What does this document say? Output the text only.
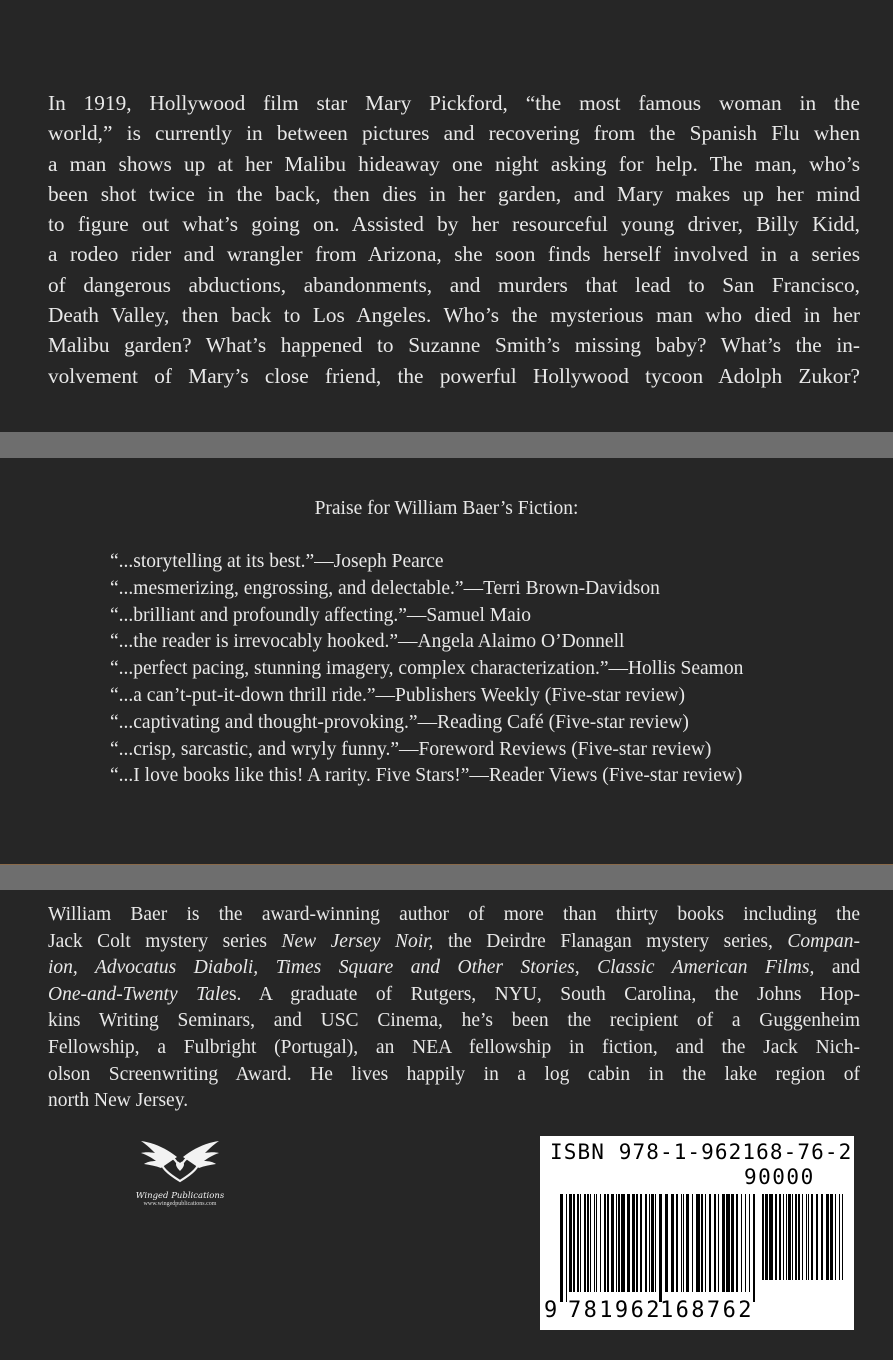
In 1919, Hollywood film star Mary Pickford, “the most famous woman in the
world,” is currently in between pictures and recovering from the Spanish Flu when
a man shows up at her Malibu hideaway one night asking for help. The man, who’s
been shot twice in the back, then dies in her garden, and Mary makes up her mind
to figure out what’s going on. Assisted by her resourceful young driver, Billy Kidd,
a rodeo rider and wrangler from Arizona, she soon finds herself involved in a series
of dangerous abductions, abandonments, and murders that lead to San Francisco,
Death Valley, then back to Los Angeles. Who’s the mysterious man who died in her
Malibu garden? What’s happened to Suzanne Smith’s missing baby? What’s the in-
volvement of Mary’s close friend, the powerful Hollywood tycoon Adolph Zukor?
Praise for William Baer’s Fiction:
“...storytelling at its best.”—Joseph Pearce
“...mesmerizing, engrossing, and delectable.”—Terri Brown-Davidson
“...brilliant and profoundly affecting.”—Samuel Maio
“...the reader is irrevocably hooked.”—Angela Alaimo O’Donnell
“...perfect pacing, stunning imagery, complex characterization.”—Hollis Seamon
“...a can’t-put-it-down thrill ride.”—Publishers Weekly (Five-star review)
“...captivating and thought-provoking.”—Reading Café (Five-star review)
“...crisp, sarcastic, and wryly funny.”—Foreword Reviews (Five-star review)
“...I love books like this! A rarity. Five Stars!”—Reader Views (Five-star review)
William Baer is the award-winning author of more than thirty books including the
Jack Colt mystery series New Jersey Noir, the Deirdre Flanagan mystery series, Compan-
ion, Advocatus Diaboli, Times Square and Other Stories, Classic American Films, and
One-and-Twenty Tales. A graduate of Rutgers, NYU, South Carolina, the Johns Hop-
kins Writing Seminars, and USC Cinema, he’s been the recipient of a Guggenheim
Fellowship, a Fulbright (Portugal), an NEA fellowship in fiction, and the Jack Nich-
olson Screenwriting Award. He lives happily in a log cabin in the lake region of
north New Jersey.
Winged Publications
www.wingedpublications.com
ISBN 978-1-962168-76-2
90000
9 781962
168762
